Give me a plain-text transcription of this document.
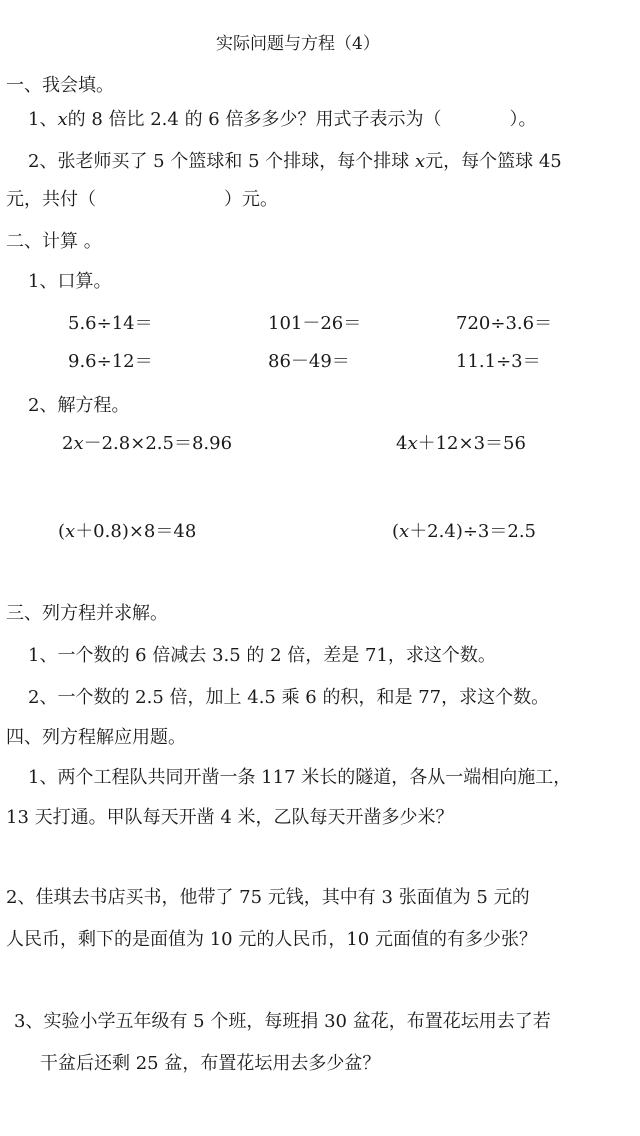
实际问题与方程（4）
一、我会填。
1、x的 8 倍比 2.4 的 6 倍多多少？用式子表示为（	）。
2、张老师买了 5 个篮球和 5 个排球，每个排球 x元，每个篮球 45
元，共付（	）元。
二、计算 。
1、口算。
5.6÷14＝	101－26＝	720÷3.6＝
9.6÷12＝	86－49＝	11.1÷3＝
2、解方程。
2x－2.8×2.5＝8.96	4x＋12×3＝56
(x＋0.8)×8＝48	(x＋2.4)÷3＝2.5
三、列方程并求解。
1、一个数的 6 倍减去 3.5 的 2 倍，差是 71，求这个数。
2、一个数的 2.5 倍，加上 4.5 乘 6 的积，和是 77，求这个数。
四、列方程解应用题。
1、两个工程队共同开凿一条 117 米长的隧道，各从一端相向施工，
13 天打通。甲队每天开凿 4 米，乙队每天开凿多少米？
2、佳琪去书店买书，他带了 75 元钱，其中有 3 张面值为 5 元的
人民币，剩下的是面值为 10 元的人民币，10 元面值的有多少张？
3、实验小学五年级有 5 个班，每班捐 30 盆花，布置花坛用去了若
干盆后还剩 25 盆，布置花坛用去多少盆？
